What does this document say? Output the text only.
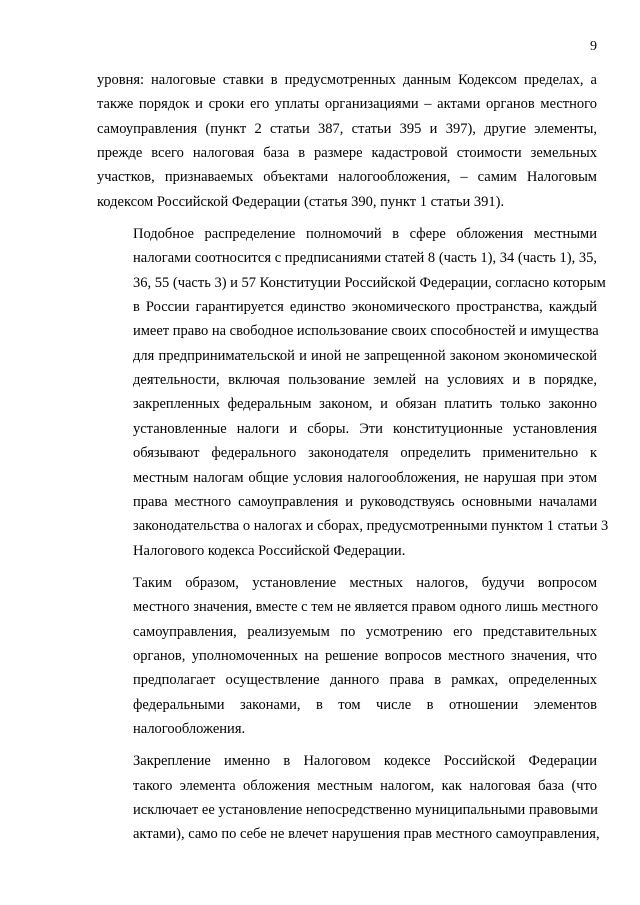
9
уровня: налоговые ставки в предусмотренных данным Кодексом пределах, а
также порядок и сроки его уплаты организациями – актами органов местного
самоуправления (пункт 2 статьи 387, статьи 395 и 397), другие элементы,
прежде всего налоговая база в размере кадастровой стоимости земельных
участков, признаваемых объектами налогообложения, – самим Налоговым
кодексом Российской Федерации (статья 390, пункт 1 статьи 391).
Подобное распределение полномочий в сфере обложения местными
налогами соотносится с предписаниями статей 8 (часть 1), 34 (часть 1), 35,
36, 55 (часть 3) и 57 Конституции Российской Федерации, согласно которым
в России гарантируется единство экономического пространства, каждый
имеет право на свободное использование своих способностей и имущества
для предпринимательской и иной не запрещенной законом экономической
деятельности, включая пользование землей на условиях и в порядке,
закрепленных федеральным законом, и обязан платить только законно
установленные налоги и сборы. Эти конституционные установления
обязывают федерального законодателя определить применительно к
местным налогам общие условия налогообложения, не нарушая при этом
права местного самоуправления и руководствуясь основными началами
законодательства о налогах и сборах, предусмотренными пунктом 1 статьи 3
Налогового кодекса Российской Федерации.
Таким образом, установление местных налогов, будучи вопросом
местного значения, вместе с тем не является правом одного лишь местного
самоуправления, реализуемым по усмотрению его представительных
органов, уполномоченных на решение вопросов местного значения, что
предполагает осуществление данного права в рамках, определенных
федеральными законами, в том числе в отношении элементов
налогообложения.
Закрепление именно в Налоговом кодексе Российской Федерации
такого элемента обложения местным налогом, как налоговая база (что
исключает ее установление непосредственно муниципальными правовыми
актами), само по себе не влечет нарушения прав местного самоуправления,
